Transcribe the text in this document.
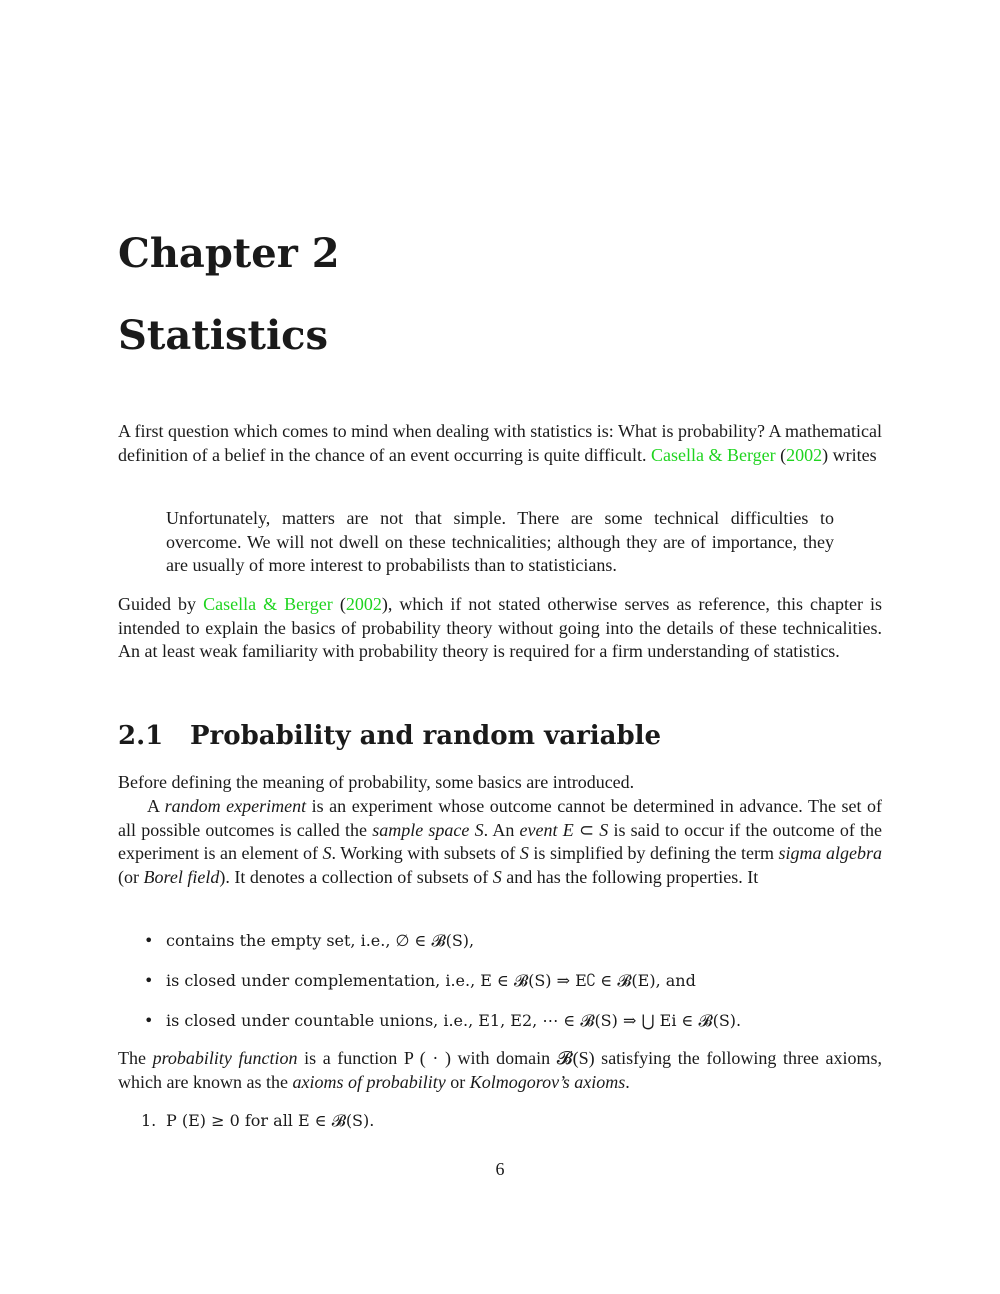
Chapter 2
Statistics

A first question which comes to mind when dealing with statistics is: What is probability? A mathematical definition of a belief in the chance of an event occurring is quite difficult. Casella & Berger (2002) writes

Unfortunately, matters are not that simple. There are some technical difficulties to overcome. We will not dwell on these technicalities; although they are of importance, they are usually of more interest to probabilists than to statisticians.

Guided by Casella & Berger (2002), which if not stated otherwise serves as reference, this chapter is intended to explain the basics of probability theory without going into the details of these technicalities. An at least weak familiarity with probability theory is required for a firm understanding of statistics.

2.1 Probability and random variable

Before defining the meaning of probability, some basics are introduced.

A random experiment is an experiment whose outcome cannot be determined in advance. The set of all possible outcomes is called the sample space S. An event E ⊂ S is said to occur if the outcome of the experiment is an element of S. Working with subsets of S is simplified by defining the term sigma algebra (or Borel field). It denotes a collection of subsets of S and has the following properties. It

• contains the empty set, i.e., ∅ ∈ 𝓑(S),
• is closed under complementation, i.e., E ∈ 𝓑(S) ⇒ E∁ ∈ 𝓑(E), and
• is closed under countable unions, i.e., E1, E2, ⋯ ∈ 𝓑(S) ⇒ ⋃ Ei ∈ 𝓑(S).

The probability function is a function P ( · ) with domain 𝓑(S) satisfying the following three axioms, which are known as the axioms of probability or Kolmogorov’s axioms.

1. P (E) ≥ 0 for all E ∈ 𝓑(S).
6
